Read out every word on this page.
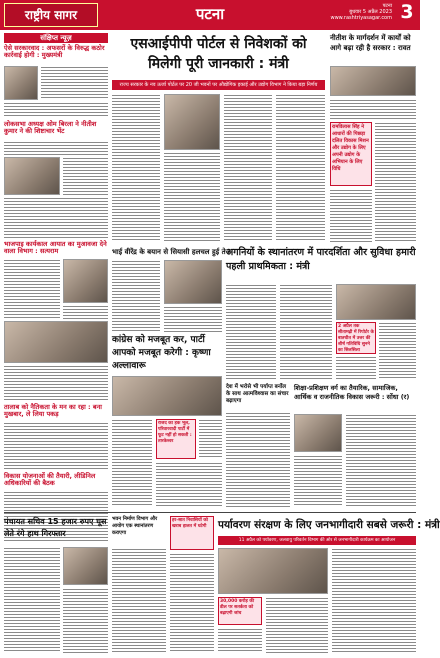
राष्ट्रीय सागर	पटना	पटना
बुधवार 5 अप्रैल 2023
www.rashtriyasagar.com 3
संक्षिप्त न्यूज़
ऐसे सरकारवाद : अफसरों के विरुद्ध कठोर कार्रवाई होगी : मुख्यमंत्री
लोकसभा अध्यक्ष ओम बिरला ने नीतीश कुमार ने की शिष्टाचार भेंट
भाजपाइ कार्यकाल आयात का मुआवजा देने वाला विभाग : सत्यराम
तालाब को नैतिकता के मन का रहा : बना मुखबार, ले लिया पकड़
विकास योजनाओं की तैयारी, लीडिनिल अधिकारियों की बैठक
एसआईपीपी पोर्टल से निवेशकों को मिलेगी पूरी जानकारी : मंत्री
राज्य सरकार के नव ऊर्जा पोर्टल पर 20 जी भवनों पर औद्योगिक इकाई और उद्योग विभाग ने किया बड़ा निर्णय
नीतीश के मार्गदर्शन में कार्यों को आगे बढ़ा रही है सरकार : रावत
रामविलास सिंह ने आधारों की पिछड़ा दलित विकास मिशन और उद्योग के लिए अपनी उद्योग के अभियान के लिए विधि
भाई वीरेंद्र के बयान से सियासी हलचल हुई तेज
अगनियों के स्थानांतरण में पारदर्शिता और सुविधा हमारी पहली प्राथमिकता : मंत्री
2 अप्रैल तक सीतामढ़ी में रिपोर्टर के बातचीत में उत्तर की शीर्ष गतिविधि सुनने का सिलसिला
कांग्रेस को मजबूत कर, पार्टी आपको मजबूत करेगी : कृष्णा अल्लावारू
राजद का हक भूल, परिवारवादी पार्टी में फूट नहीं हो सकती : तारकेश्वर
देश में भरोसे भी पर्याप्त बर्नोल के साथ आत्मविश्वास का संचार बढ़ाएगा
शिक्षा-प्रशिक्षण वर्ग का तैयारिक, सामाजिक, आर्थिक व राजनीतिक विकास जरूरी : सोंधा (र)
पंचायत सचिव 15 हजार रुपए घूस लेते रंगे हाथ गिरफ्तार
भवन निर्माण विभाग और आयोग एक स्थानांतरण कराएगा
हर-सात निवासियों को खराब हालत में घटेगी	पर्यावरण संरक्षण के लिए जनभागीदारी सबसे जरूरी : मंत्री
11 अप्रैल को पर्यावरण, जलवायु परिवर्तन विभाग की ओर से जनभागीदारी कार्यक्रम का आयोजन
30,000 करोड़ की डील पर सतर्कता को बढ़ाएगी जांच
